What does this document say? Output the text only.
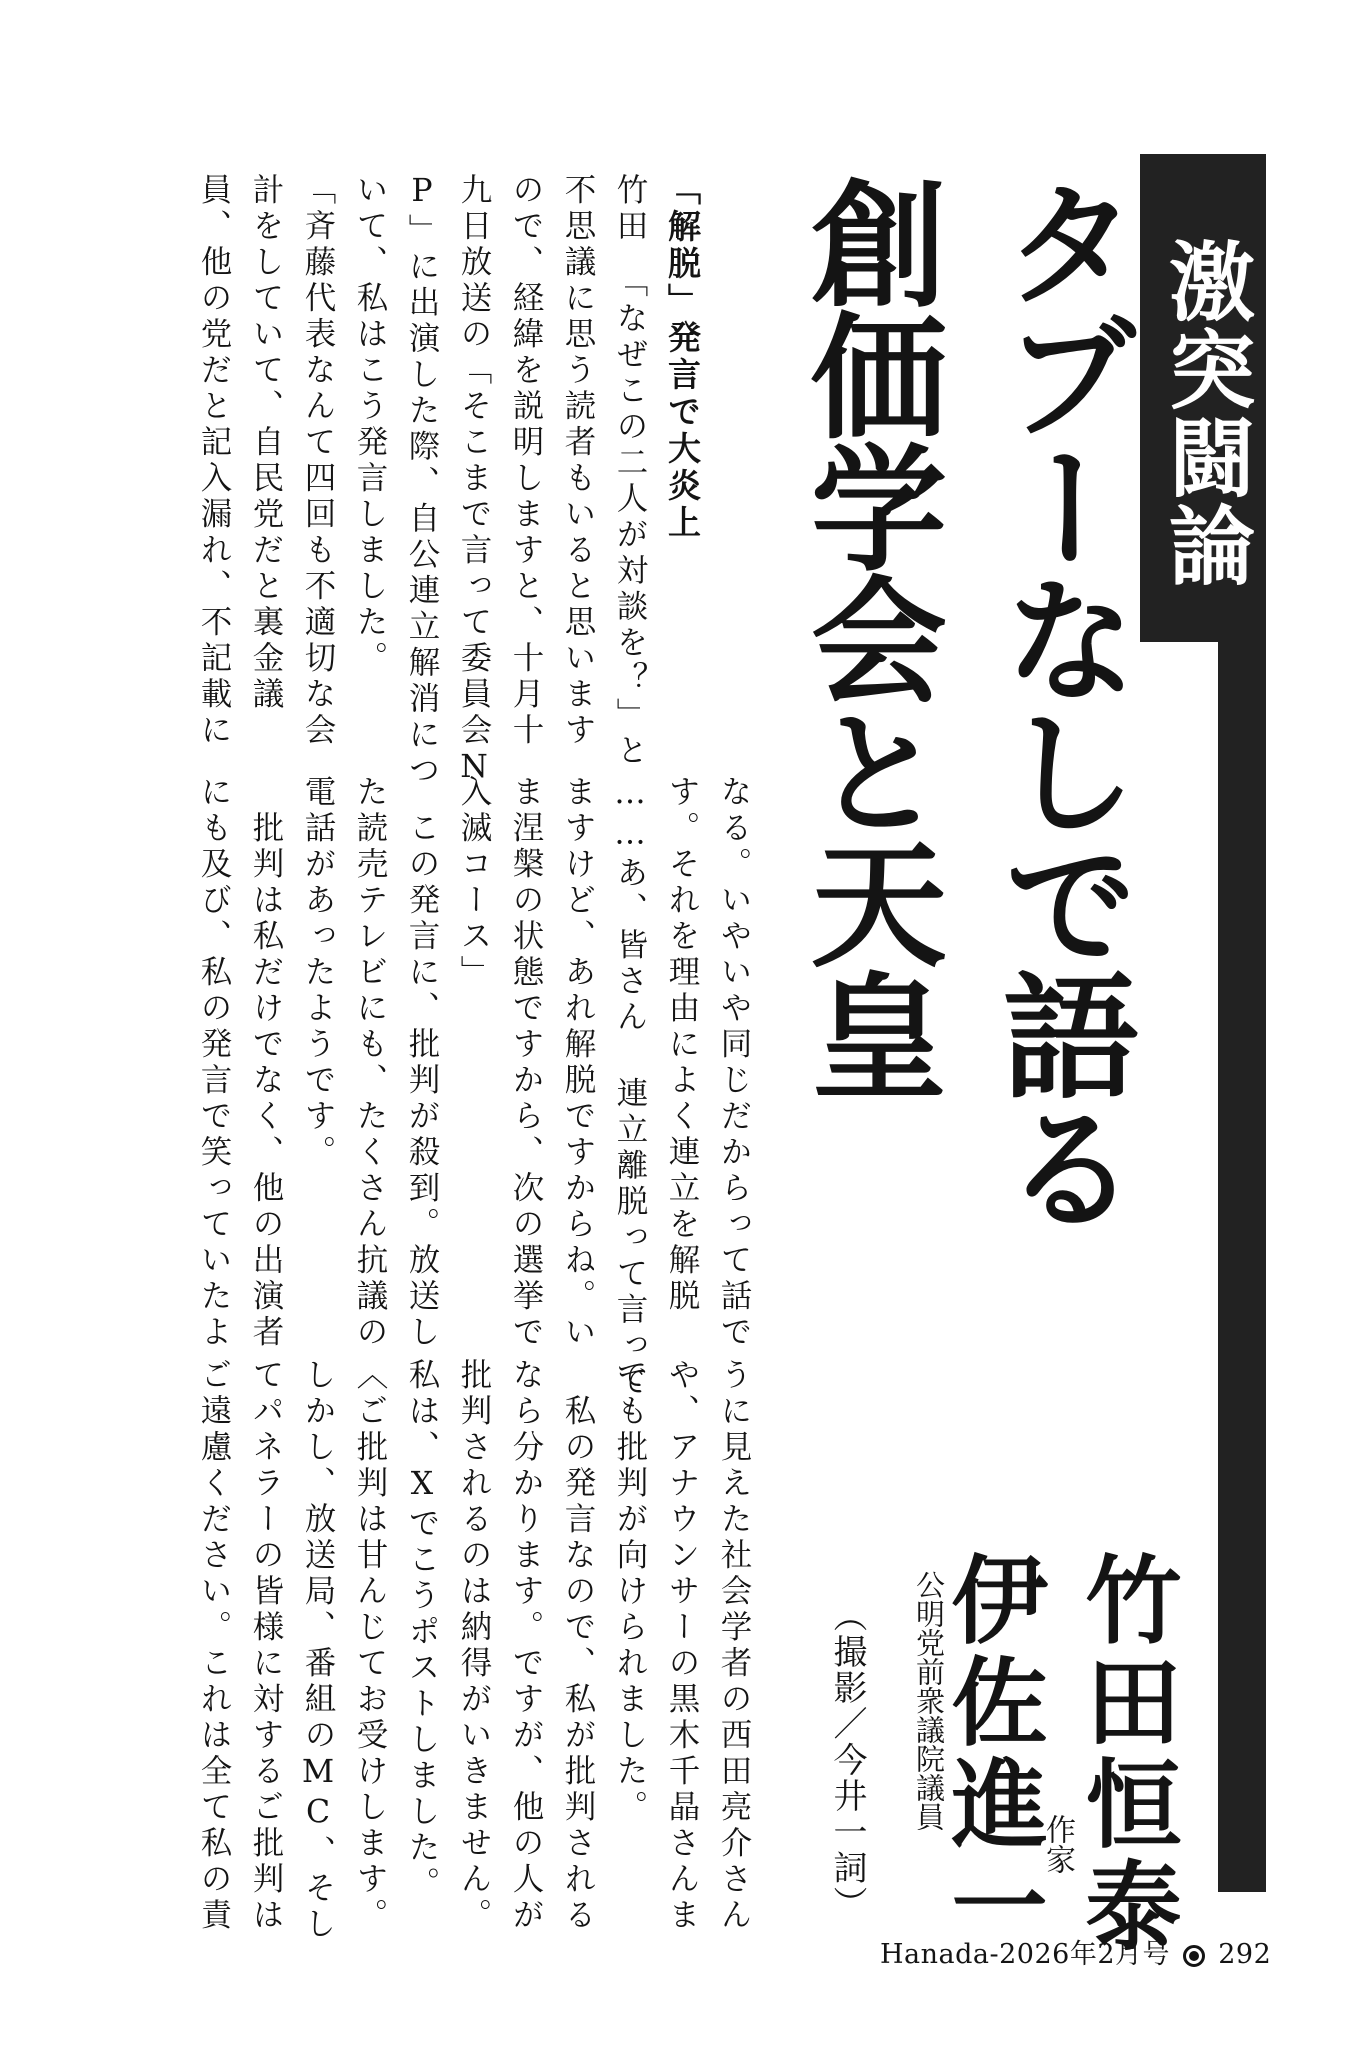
激突闘論
タブーなしで語る
創価学会と天皇
竹田恒泰
作家
伊佐進一
公明党前衆議院議員
（撮影／今井一詞）
「解脱」発言で大炎上
竹田　「なぜこの二人が対談を？」と
不思議に思う読者もいると思います
ので、経緯を説明しますと、十月十
九日放送の「そこまで言って委員会N
P」に出演した際、自公連立解消につ
いて、私はこう発言しました。
「斉藤代表なんて四回も不適切な会
計をしていて、自民党だと裏金議
員、他の党だと記入漏れ、不記載に
なる。いやいや同じだからって話で
す。それを理由によく連立を解脱
……あ、皆さん 連立離脱って言って
ますけど、あれ解脱ですからね。い
ま涅槃の状態ですから、次の選挙で
入滅コース」
　この発言に、批判が殺到。放送し
た読売テレビにも、たくさん抗議の
電話があったようです。
　批判は私だけでなく、他の出演者
にも及び、私の発言で笑っていたよ
うに見えた社会学者の西田亮介さん
や、アナウンサーの黒木千晶さんま
でも批判が向けられました。
　私の発言なので、私が批判される
なら分かります。ですが、他の人が
批判されるのは納得がいきません。
私は、Xでこうポストしました。
〈ご批判は甘んじてお受けします。
しかし、放送局、番組のMC、そし
てパネラーの皆様に対するご批判は
ご遠慮ください。これは全て私の責
Hanada-2026年2月号 292
